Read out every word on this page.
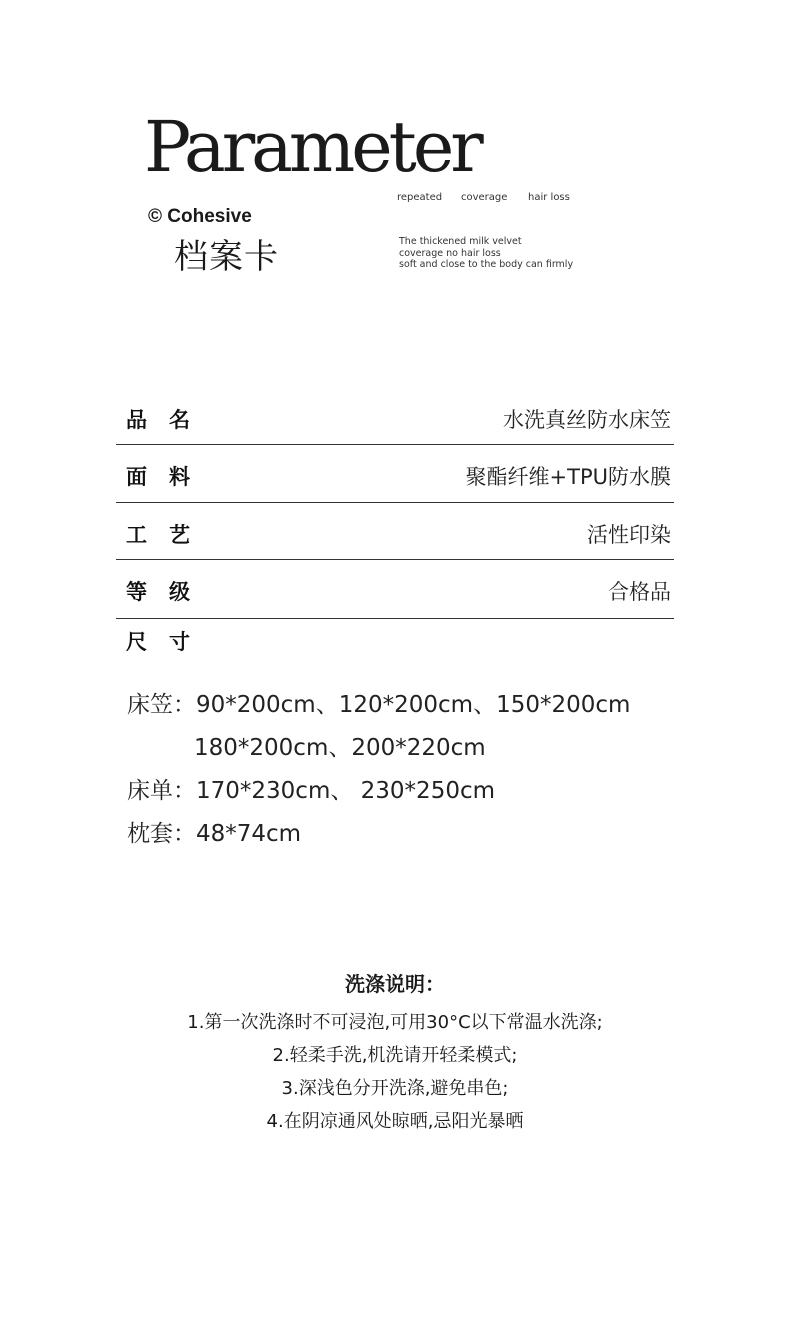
Parameter
repeated	coverage	hair loss
© Cohesive
档案卡	The thickened milk velvet
coverage no hair loss
soft and close to the body can firmly
品名	水洗真丝防水床笠
面料	聚酯纤维+TPU防水膜
工艺	活性印染
等级	合格品
尺寸
床笠：90*200cm、120*200cm、150*200cm
180*200cm、200*220cm
床单：170*230cm、 230*250cm
枕套：48*74cm
洗涤说明：
1.第一次洗涤时不可浸泡,可用30°C以下常温水洗涤;
2.轻柔手洗,机洗请开轻柔模式;
3.深浅色分开洗涤,避免串色;
4.在阴凉通风处晾晒,忌阳光暴晒
